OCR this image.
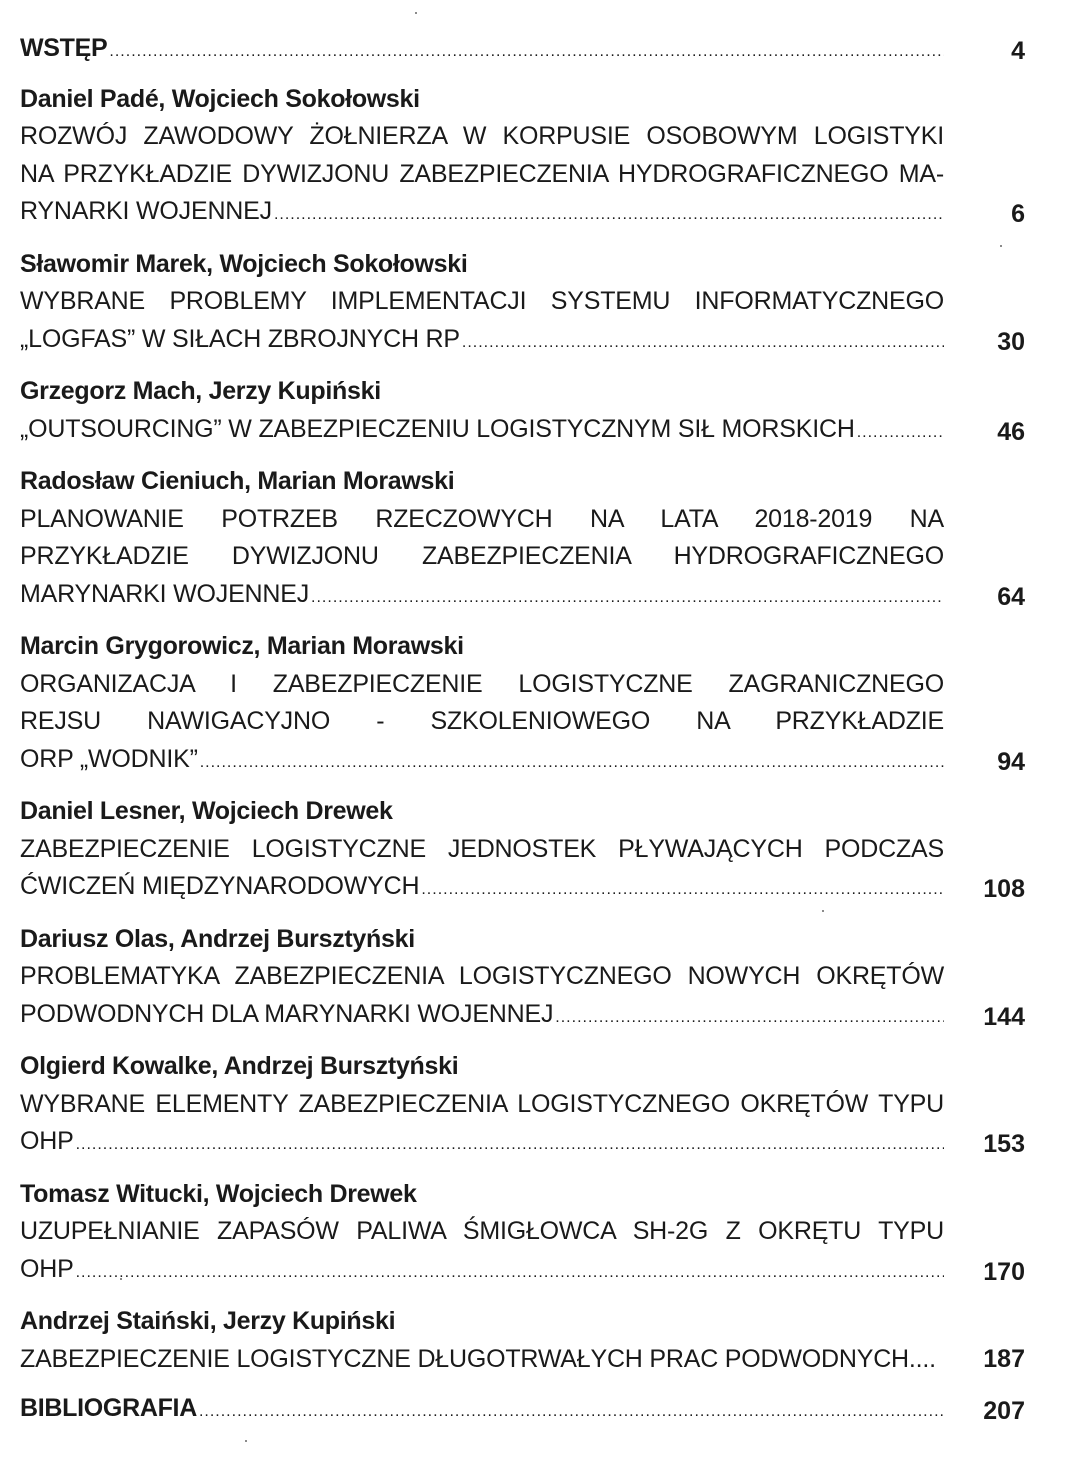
WSTĘP .....	4
Daniel Padé, Wojciech Sokołowski
ROZWÓJ ZAWODOWY ŻOŁNIERZA W KORPUSIE OSOBOWYM LOGISTYKI
NA PRZYKŁADZIE DYWIZJONU ZABEZPIECZENIA HYDROGRAFICZNEGO MA-
RYNARKI WOJENNEJ .....	6
Sławomir Marek, Wojciech Sokołowski
WYBRANE PROBLEMY IMPLEMENTACJI SYSTEMU INFORMATYCZNEGO
„LOGFAS” W SIŁACH ZBROJNYCH RP .....	30
Grzegorz Mach, Jerzy Kupiński
„OUTSOURCING” W ZABEZPIECZENIU LOGISTYCZNYM SIŁ MORSKICH .....	46
Radosław Cieniuch, Marian Morawski
PLANOWANIE POTRZEB RZECZOWYCH NA LATA 2018-2019 NA
PRZYKŁADZIE DYWIZJONU ZABEZPIECZENIA HYDROGRAFICZNEGO
MARYNARKI WOJENNEJ .....	64
Marcin Grygorowicz, Marian Morawski
ORGANIZACJA I ZABEZPIECZENIE LOGISTYCZNE ZAGRANICZNEGO
REJSU NAWIGACYJNO - SZKOLENIOWEGO NA PRZYKŁADZIE
ORP „WODNIK” .....	94
Daniel Lesner, Wojciech Drewek
ZABEZPIECZENIE LOGISTYCZNE JEDNOSTEK PŁYWAJĄCYCH PODCZAS
ĆWICZEŃ MIĘDZYNARODOWYCH .....	108
Dariusz Olas, Andrzej Bursztyński
PROBLEMATYKA ZABEZPIECZENIA LOGISTYCZNEGO NOWYCH OKRĘTÓW
PODWODNYCH DLA MARYNARKI WOJENNEJ .....	144
Olgierd Kowalke, Andrzej Bursztyński
WYBRANE ELEMENTY ZABEZPIECZENIA LOGISTYCZNEGO OKRĘTÓW TYPU
OHP .....	153
Tomasz Witucki, Wojciech Drewek
UZUPEŁNIANIE ZAPASÓW PALIWA ŚMIGŁOWCA SH-2G Z OKRĘTU TYPU
OHP .....	170
Andrzej Staiński, Jerzy Kupiński
ZABEZPIECZENIE LOGISTYCZNE DŁUGOTRWAŁYCH PRAC PODWODNYCH....	187
BIBLIOGRAFIA .....	207
